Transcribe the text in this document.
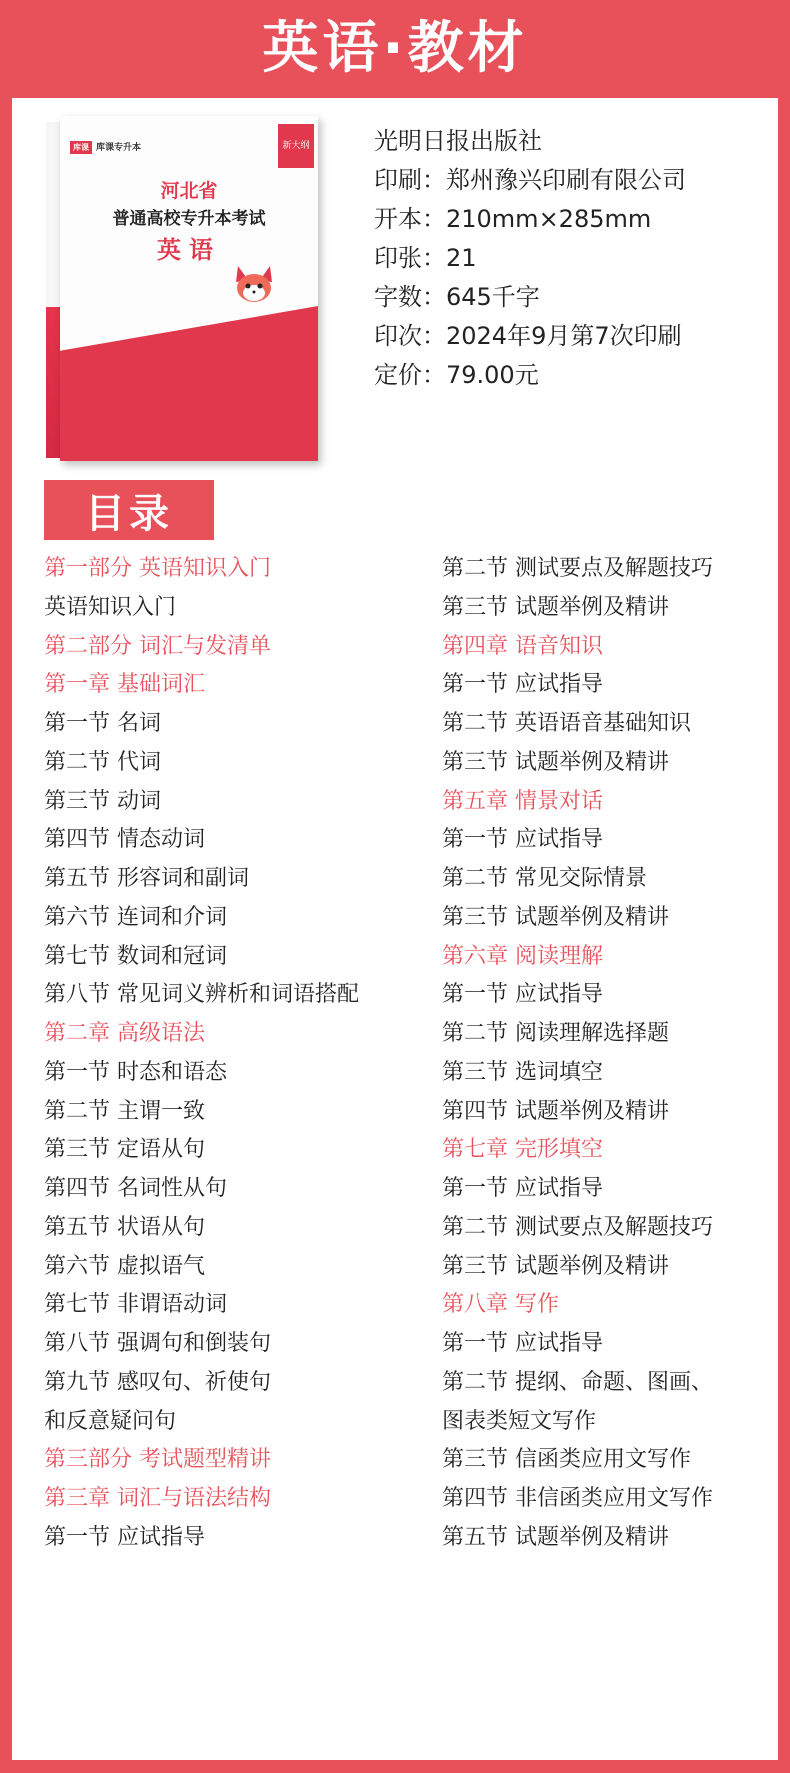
英语·教材
库课 库课专升本	新大纲
河北省
普通高校专升本考试
英语
光明日报出版社
印刷：郑州豫兴印刷有限公司
开本：210mm×285mm
印张：21
字数：645千字
印次：2024年9月第7次印刷
定价：79.00元
目录
第一部分 英语知识入门
英语知识入门
第二部分 词汇与发清单
第一章 基础词汇
第一节 名词
第二节 代词
第三节 动词
第四节 情态动词
第五节 形容词和副词
第六节 连词和介词
第七节 数词和冠词
第八节 常见词义辨析和词语搭配
第二章 高级语法
第一节 时态和语态
第二节 主谓一致
第三节 定语从句
第四节 名词性从句
第五节 状语从句
第六节 虚拟语气
第七节 非谓语动词
第八节 强调句和倒装句
第九节 感叹句、祈使句
和反意疑问句
第三部分 考试题型精讲
第三章 词汇与语法结构
第一节 应试指导
第二节 测试要点及解题技巧
第三节 试题举例及精讲
第四章 语音知识
第一节 应试指导
第二节 英语语音基础知识
第三节 试题举例及精讲
第五章 情景对话
第一节 应试指导
第二节 常见交际情景
第三节 试题举例及精讲
第六章 阅读理解
第一节 应试指导
第二节 阅读理解选择题
第三节 选词填空
第四节 试题举例及精讲
第七章 完形填空
第一节 应试指导
第二节 测试要点及解题技巧
第三节 试题举例及精讲
第八章 写作
第一节 应试指导
第二节 提纲、命题、图画、
图表类短文写作
第三节 信函类应用文写作
第四节 非信函类应用文写作
第五节 试题举例及精讲
